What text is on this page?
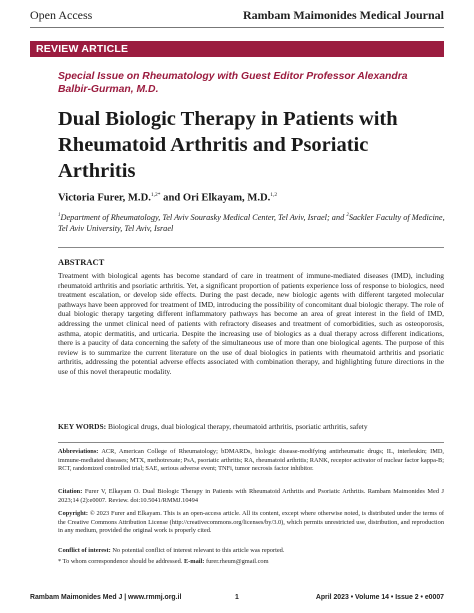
Open Access	Rambam Maimonides Medical Journal
REVIEW ARTICLE
Special Issue on Rheumatology with Guest Editor Professor Alexandra Balbir-Gurman, M.D.
Dual Biologic Therapy in Patients with Rheumatoid Arthritis and Psoriatic Arthritis
Victoria Furer, M.D.$^{1,2*}$ and Ori Elkayam, M.D.$^{1,2}$
$^1$Department of Rheumatology, Tel Aviv Sourasky Medical Center, Tel Aviv, Israel; and $^2$Sackler Faculty of Medicine, Tel Aviv University, Tel Aviv, Israel
ABSTRACT
Treatment with biological agents has become standard of care in treatment of immune-mediated diseases (IMD), including rheumatoid arthritis and psoriatic arthritis. Yet, a significant proportion of patients experience loss of response to biologics, need treatment escalation, or develop side effects. During the past decade, new biologic agents with different targeted molecular pathways have been approved for treatment of IMD, introducing the possibility of concomitant dual biologic therapy. The role of dual biologic therapy targeting different inflammatory pathways has become an area of great interest in the field of IMD, addressing the unmet clinical need of patients with refractory diseases and treatment of comorbidities, such as osteoporosis, asthma, atopic dermatitis, and urticaria. Despite the increasing use of biologics as a dual therapy across different indications, there is a paucity of data concerning the safety of the simultaneous use of more than one biological agents. The purpose of this review is to summarize the current literature on the use of dual biologics in patients with rheumatoid arthritis and psoriatic arthritis, addressing the potential adverse effects associated with combination therapy, and highlighting future directions in the use of this novel therapeutic modality.
KEY WORDS: Biological drugs, dual biological therapy, rheumatoid arthritis, psoriatic arthritis, safety
Abbreviations: ACR, American College of Rheumatology; bDMARDs, biologic disease-modifying antirheumatic drugs; IL, interleukin; IMD, immune-mediated diseases; MTX, methotrexate; PsA, psoriatic arthritis; RA, rheumatoid arthritis; RANK, receptor activator of nuclear factor kappa-B; RCT, randomized controlled trial; SAE, serious adverse event; TNFi, tumor necrosis factor inhibitor.
Citation: Furer V, Elkayam O. Dual Biologic Therapy in Patients with Rheumatoid Arthritis and Psoriatic Arthritis. Rambam Maimonides Med J 2023;14 (2):e0007. Review. doi:10.5041/RMMJ.10494
Copyright: © 2023 Furer and Elkayam. This is an open-access article. All its content, except where otherwise noted, is distributed under the terms of the Creative Commons Attribution License (http://creativecommons.org/licenses/by/3.0), which permits unrestricted use, distribution, and reproduction in any medium, provided the original work is properly cited.
Conflict of interest: No potential conflict of interest relevant to this article was reported.
* To whom correspondence should be addressed. E-mail: furer.rheum@gmail.com
Rambam Maimonides Med J | www.rmmj.org.il	1	April 2023 • Volume 14 • Issue 2 • e0007
